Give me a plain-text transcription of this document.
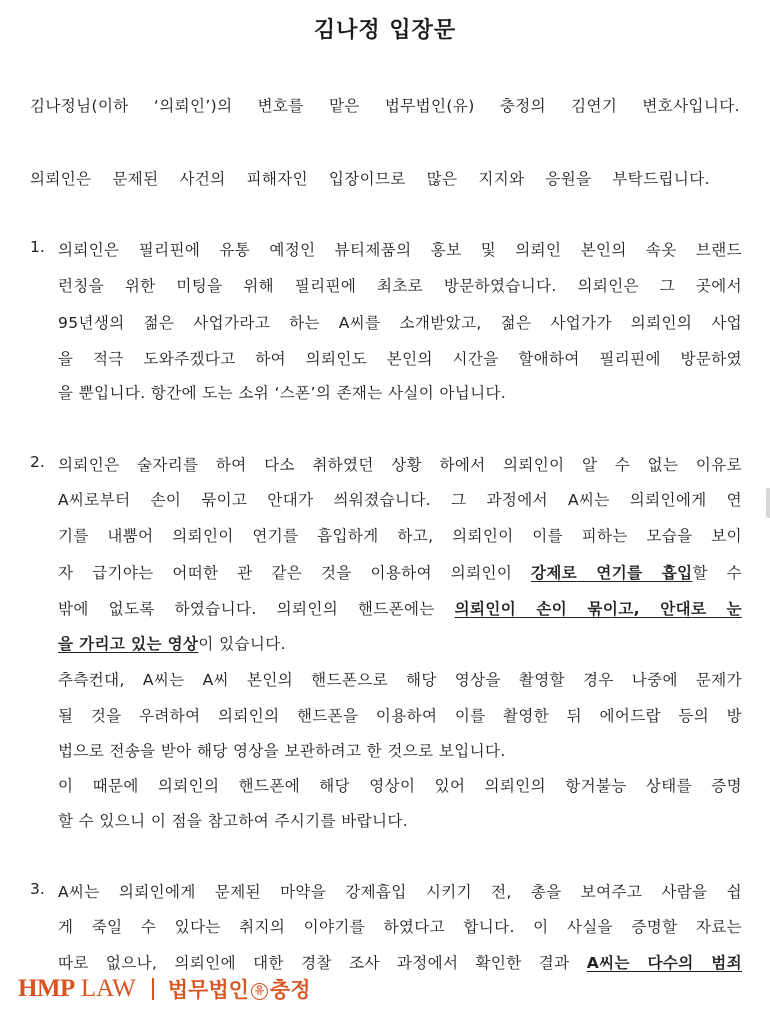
김나정 입장문
김나정님(이하 ‘의뢰인’)의 변호를 맡은 법무법인(유) 충정의 김연기 변호사입니다.
의뢰인은 문제된 사건의 피해자인 입장이므로 많은 지지와 응원을 부탁드립니다.
1. 의뢰인은 필리핀에 유통 예정인 뷰티제품의 홍보 및 의뢰인 본인의 속옷 브랜드
런칭을 위한 미팅을 위해 필리핀에 최초로 방문하였습니다. 의뢰인은 그 곳에서
95년생의 젊은 사업가라고 하는 A씨를 소개받았고, 젊은 사업가가 의뢰인의 사업
을 적극 도와주겠다고 하여 의뢰인도 본인의 시간을 할애하여 필리핀에 방문하였
을 뿐입니다. 항간에 도는 소위 ‘스폰’의 존재는 사실이 아닙니다.
2. 의뢰인은 술자리를 하여 다소 취하였던 상황 하에서 의뢰인이 알 수 없는 이유로
A씨로부터 손이 묶이고 안대가 씌워졌습니다. 그 과정에서 A씨는 의뢰인에게 연
기를 내뿜어 의뢰인이 연기를 흡입하게 하고, 의뢰인이 이를 피하는 모습을 보이
자 급기야는 어떠한 관 같은 것을 이용하여 의뢰인이 강제로 연기를 흡입할 수
밖에 없도록 하였습니다. 의뢰인의 핸드폰에는 의뢰인이 손이 묶이고, 안대로 눈
을 가리고 있는 영상이 있습니다.
추측컨대, A씨는 A씨 본인의 핸드폰으로 해당 영상을 촬영할 경우 나중에 문제가
될 것을 우려하여 의뢰인의 핸드폰을 이용하여 이를 촬영한 뒤 에어드랍 등의 방
법으로 전송을 받아 해당 영상을 보관하려고 한 것으로 보입니다.
이 때문에 의뢰인의 핸드폰에 해당 영상이 있어 의뢰인의 항거불능 상태를 증명
할 수 있으니 이 점을 참고하여 주시기를 바랍니다.
3. A씨는 의뢰인에게 문제된 마약을 강제흡입 시키기 전, 총을 보여주고 사람을 쉽
게 죽일 수 있다는 취지의 이야기를 하였다고 합니다. 이 사실을 증명할 자료는
따로 없으나, 의뢰인에 대한 경찰 조사 과정에서 확인한 결과 A씨는 다수의 범죄
HMP LAW 법무법인 유 충정
